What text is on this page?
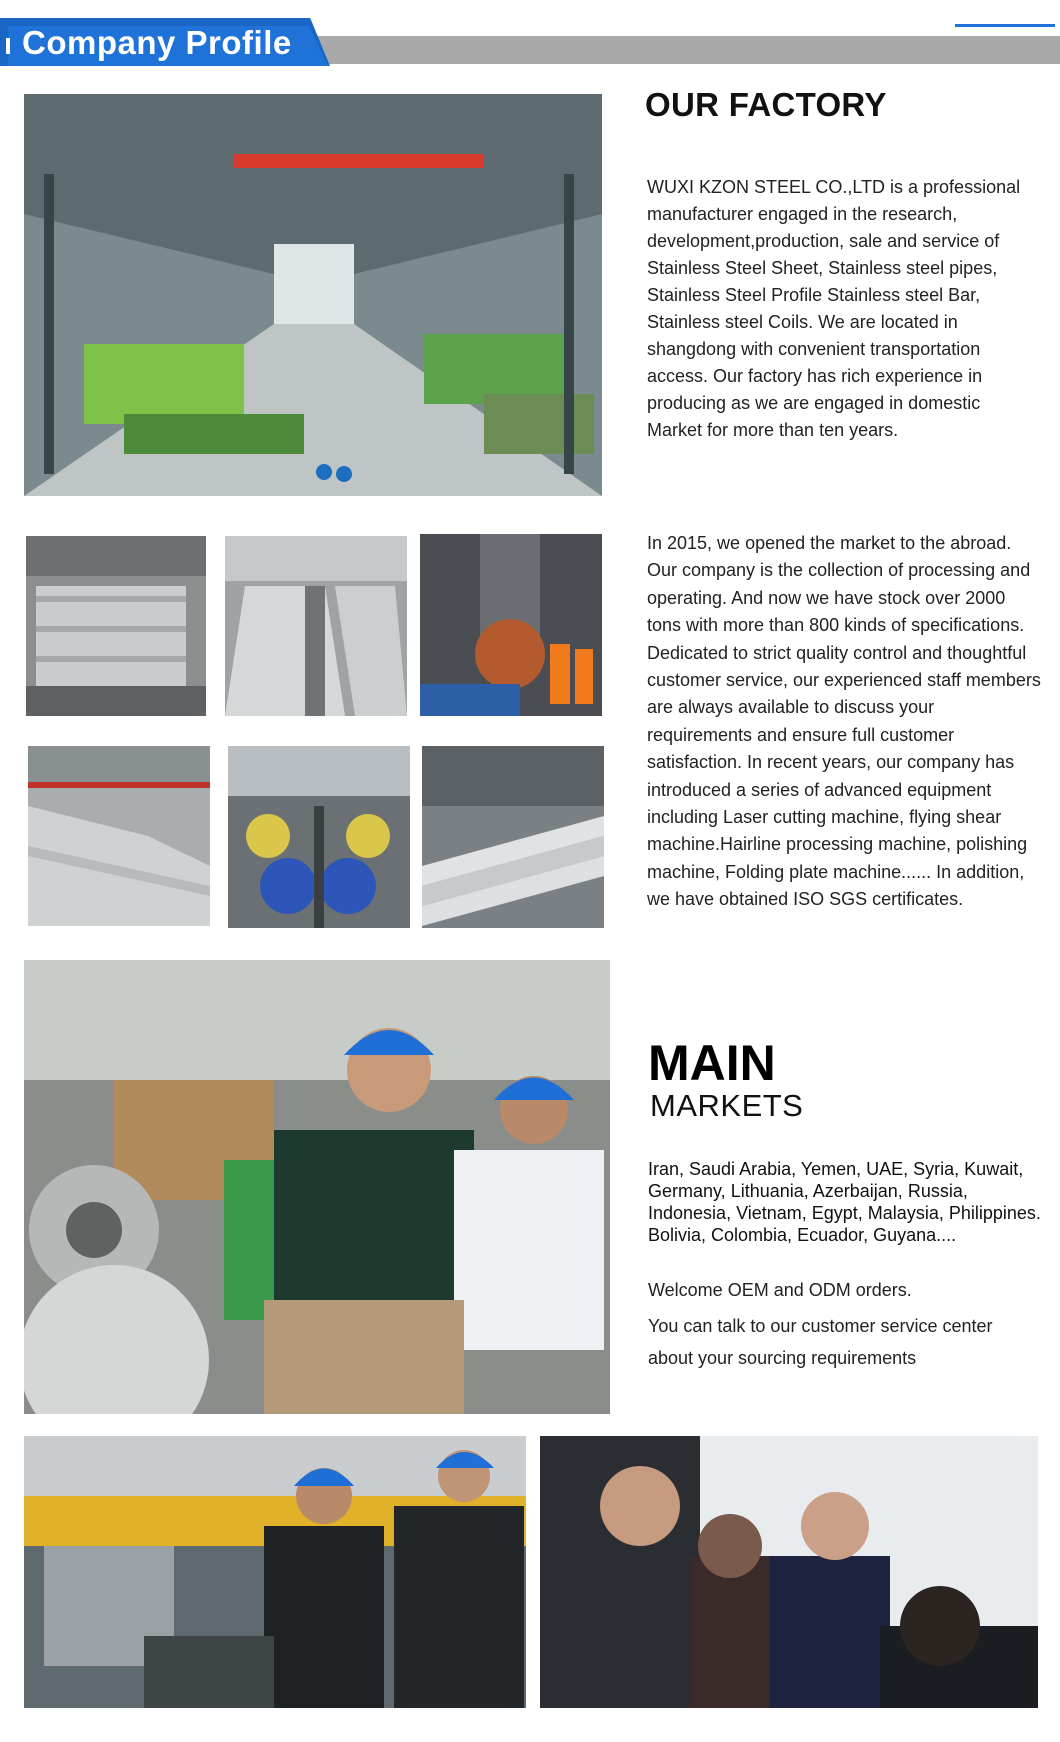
Company Profile
OUR FACTORY
WUXI KZON STEEL CO.,LTD is a professional manufacturer engaged in the research, development,production, sale and service of Stainless Steel Sheet, Stainless steel pipes, Stainless Steel Profile Stainless steel Bar, Stainless steel Coils. We are located in shangdong with convenient transportation access. Our factory has rich experience in producing as we are engaged in domestic Market for more than ten years.
In 2015, we opened the market to the abroad. Our company is the collection of processing and operating. And now we have stock over 2000 tons with more than 800 kinds of specifications. Dedicated to strict quality control and thoughtful customer service, our experienced staff members are always available to discuss your requirements and ensure full customer satisfaction. In recent years, our company has introduced a series of advanced equipment including Laser cutting machine, flying shear machine.Hairline processing machine, polishing machine, Folding plate machine...... In addition, we have obtained ISO SGS certificates.
MAIN
MARKETS
Iran, Saudi Arabia, Yemen, UAE, Syria, Kuwait, Germany, Lithuania, Azerbaijan, Russia, Indonesia, Vietnam, Egypt, Malaysia, Philippines. Bolivia, Colombia, Ecuador, Guyana....
Welcome OEM and ODM orders.
You can talk to our customer service center
about your sourcing requirements
